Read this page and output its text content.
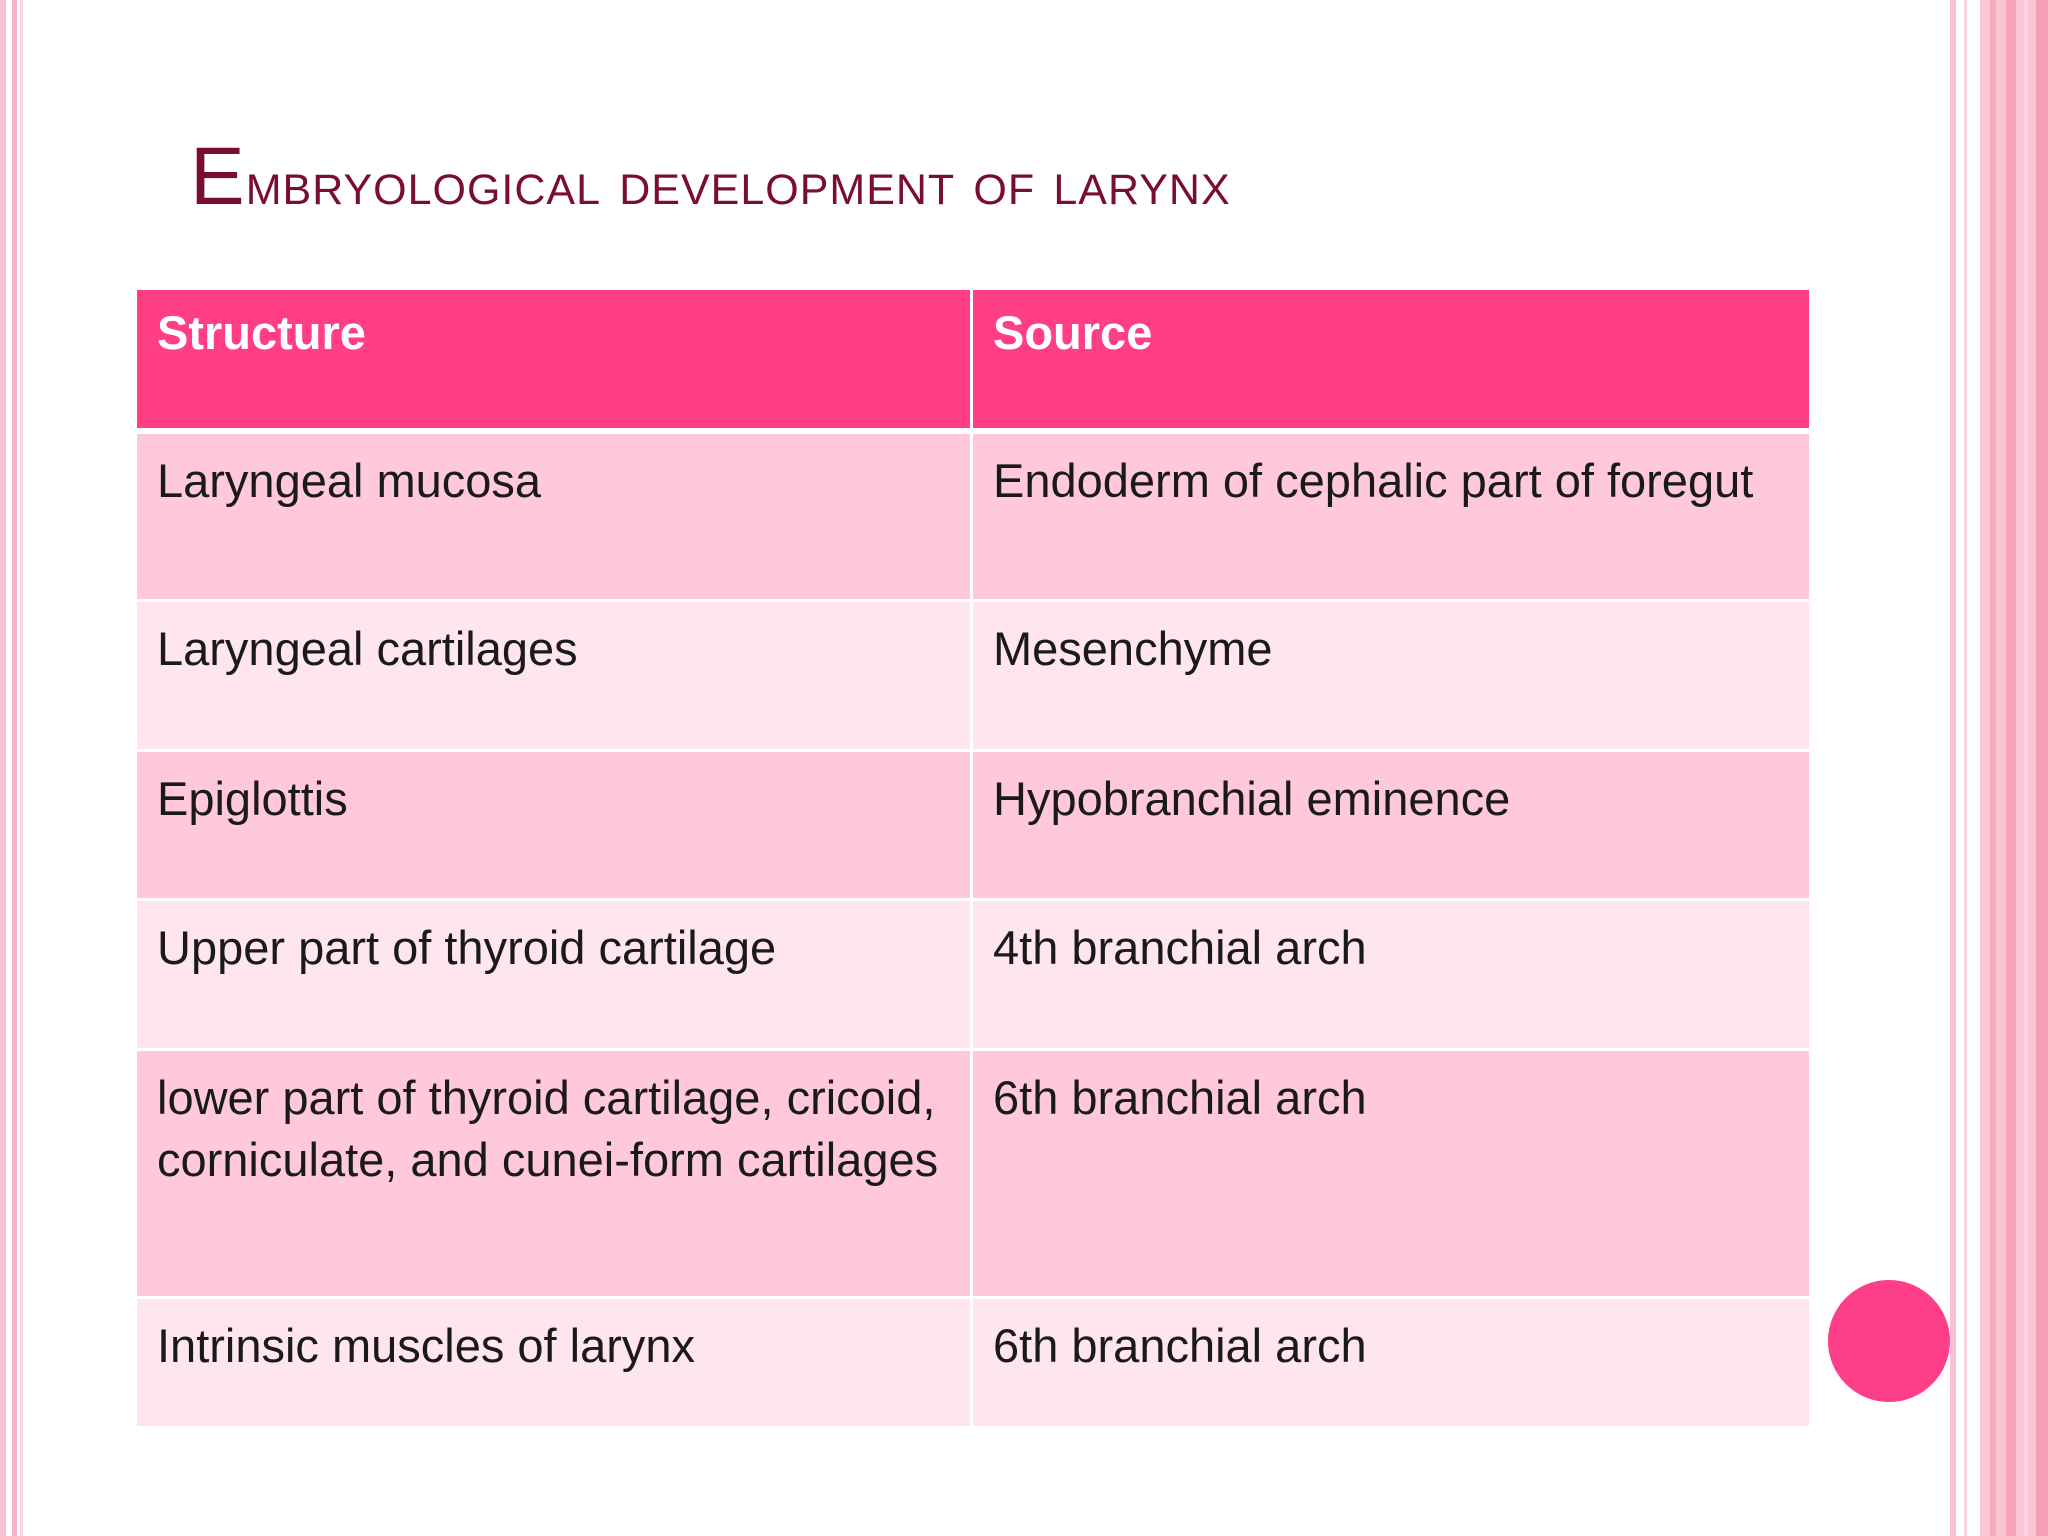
Embryological development of larynx
Structure	Source
Laryngeal mucosa	Endoderm of cephalic part of foregut
Laryngeal cartilages	Mesenchyme
Epiglottis	Hypobranchial eminence
Upper part of thyroid cartilage	4th branchial arch
lower part of thyroid cartilage, cricoid, corniculate, and cunei-form cartilages	6th branchial arch
Intrinsic muscles of larynx	6th branchial arch
